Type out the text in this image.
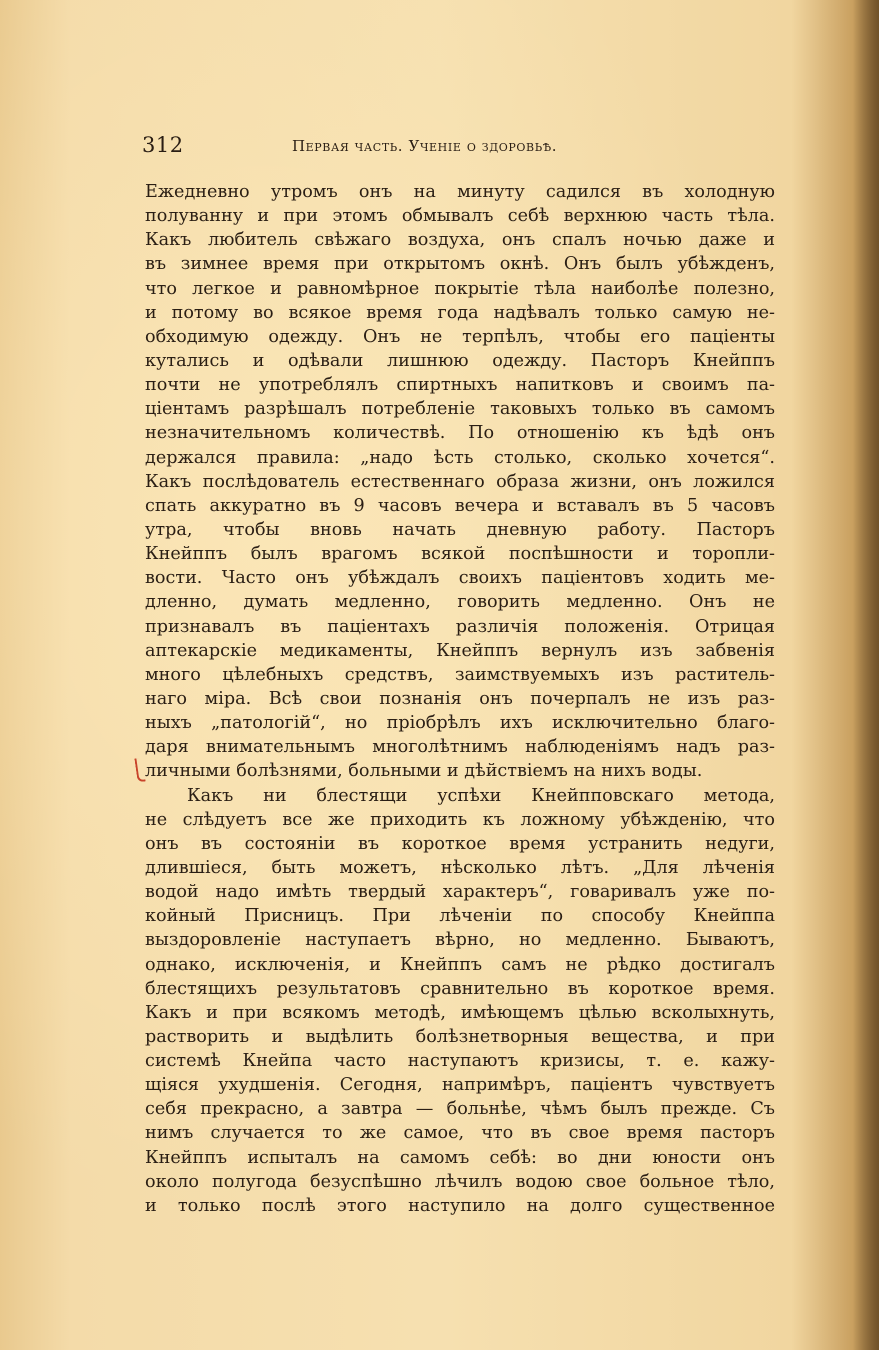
312	Первая часть. Ученіе о здоровьѣ.
Ежедневно утромъ онъ на минуту садился въ холодную
полуванну и при этомъ обмывалъ себѣ верхнюю часть тѣла.
Какъ любитель свѣжаго воздуха, онъ спалъ ночью даже и
въ зимнее время при открытомъ окнѣ. Онъ былъ убѣжденъ,
что легкое и равномѣрное покрытіе тѣла наиболѣе полезно,
и потому во всякое время года надѣвалъ только самую не-
обходимую одежду. Онъ не терпѣлъ, чтобы его паціенты
кутались и одѣвали лишнюю одежду. Пасторъ Кнейппъ
почти не употреблялъ спиртныхъ напитковъ и своимъ па-
ціентамъ разрѣшалъ потребленіе таковыхъ только въ самомъ
незначительномъ количествѣ. По отношенію къ ѣдѣ онъ
держался правила: „надо ѣсть столько, сколько хочется“.
Какъ послѣдователь естественнаго образа жизни, онъ ложился
спать аккуратно въ 9 часовъ вечера и вставалъ въ 5 часовъ
утра, чтобы вновь начать дневную работу. Пасторъ
Кнейппъ былъ врагомъ всякой поспѣшности и торопли-
вости. Часто онъ убѣждалъ своихъ паціентовъ ходить ме-
дленно, думать медленно, говорить медленно. Онъ не
признавалъ въ паціентахъ различія положенія. Отрицая
аптекарскіе медикаменты, Кнейппъ вернулъ изъ забвенія
много цѣлебныхъ средствъ, заимствуемыхъ изъ раститель-
наго міра. Всѣ свои познанія онъ почерпалъ не изъ раз-
ныхъ „патологій“, но пріобрѣлъ ихъ исключительно благо-
даря внимательнымъ многолѣтнимъ наблюденіямъ надъ раз-
личными болѣзнями, больными и дѣйствіемъ на нихъ воды.
Какъ ни блестящи успѣхи Кнейпповскаго метода,
не слѣдуетъ все же приходить къ ложному убѣжденію, что
онъ въ состояніи въ короткое время устранить недуги,
длившіеся, быть можетъ, нѣсколько лѣтъ. „Для лѣченія
водой надо имѣть твердый характеръ“, говаривалъ уже по-
койный Присницъ. При лѣченіи по способу Кнейппа
выздоровленіе наступаетъ вѣрно, но медленно. Бываютъ,
однако, исключенія, и Кнейппъ самъ не рѣдко достигалъ
блестящихъ результатовъ сравнительно въ короткое время.
Какъ и при всякомъ методѣ, имѣющемъ цѣлью всколыхнуть,
растворить и выдѣлить болѣзнетворныя вещества, и при
системѣ Кнейпа часто наступаютъ кризисы, т. е. кажу-
щіяся ухудшенія. Сегодня, напримѣръ, паціентъ чувствуетъ
себя прекрасно, а завтра — больнѣе, чѣмъ былъ прежде. Съ
нимъ случается то же самое, что въ свое время пасторъ
Кнейппъ испыталъ на самомъ себѣ: во дни юности онъ
около полугода безуспѣшно лѣчилъ водою свое больное тѣло,
и только послѣ этого наступило на долго существенное
